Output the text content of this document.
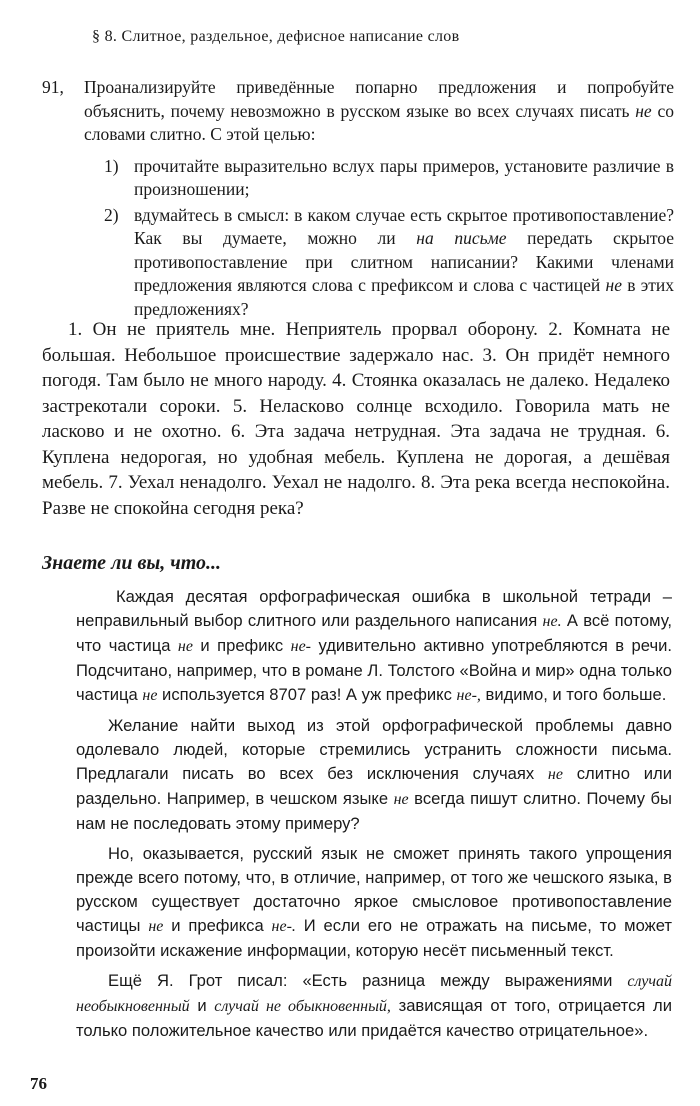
§ 8. Слитное, раздельное, дефисное написание слов
91, Проанализируйте приведённые попарно предложения и попробуйте объяснить, почему невозможно в русском языке во всех случаях писать не со словами слитно. С этой целью:
1) прочитайте выразительно вслух пары примеров, установите различие в произношении;
2) вдумайтесь в смысл: в каком случае есть скрытое противопоставление? Как вы думаете, можно ли на письме передать скрытое противопоставление при слитном написании? Какими членами предложения являются слова с префиксом и слова с частицей не в этих предложениях?
1. Он не приятель мне. Неприятель прорвал оборону. 2. Комната не большая. Небольшое происшествие задержало нас. 3. Он придёт немного погодя. Там было не много народу. 4. Стоянка оказалась не далеко. Недалеко застрекотали сороки. 5. Неласково солнце всходило. Говорила мать не ласково и не охотно. 6. Эта задача нетрудная. Эта задача не трудная. 6. Куплена недорогая, но удобная мебель. Куплена не дорогая, а дешёвая мебель. 7. Уехал ненадолго. Уехал не надолго. 8. Эта река всегда неспокойна. Разве не спокойна сегодня река?
Знаете ли вы, что...

Каждая десятая орфографическая ошибка в школьной тетради – неправильный выбор слитного или раздельного написания не. А всё потому, что частица не и префикс не- удивительно активно употребляются в речи. Подсчитано, например, что в романе Л. Толстого «Война и мир» одна только частица не используется 8707 раз! А уж префикс не-, видимо, и того больше.

Желание найти выход из этой орфографической проблемы давно одолевало людей, которые стремились устранить сложности письма. Предлагали писать во всех без исключения случаях не слитно или раздельно. Например, в чешском языке не всегда пишут слитно. Почему бы нам не последовать этому примеру?

Но, оказывается, русский язык не сможет принять такого упрощения прежде всего потому, что, в отличие, например, от того же чешского языка, в русском существует достаточно яркое смысловое противопоставление частицы не и префикса не-. И если его не отражать на письме, то может произойти искажение информации, которую несёт письменный текст.

Ещё Я. Грот писал: «Есть разница между выражениями случай необыкновенный и случай не обыкновенный, зависящая от того, отрицается ли только положительное качество или придаётся качество отрицательное».

76
